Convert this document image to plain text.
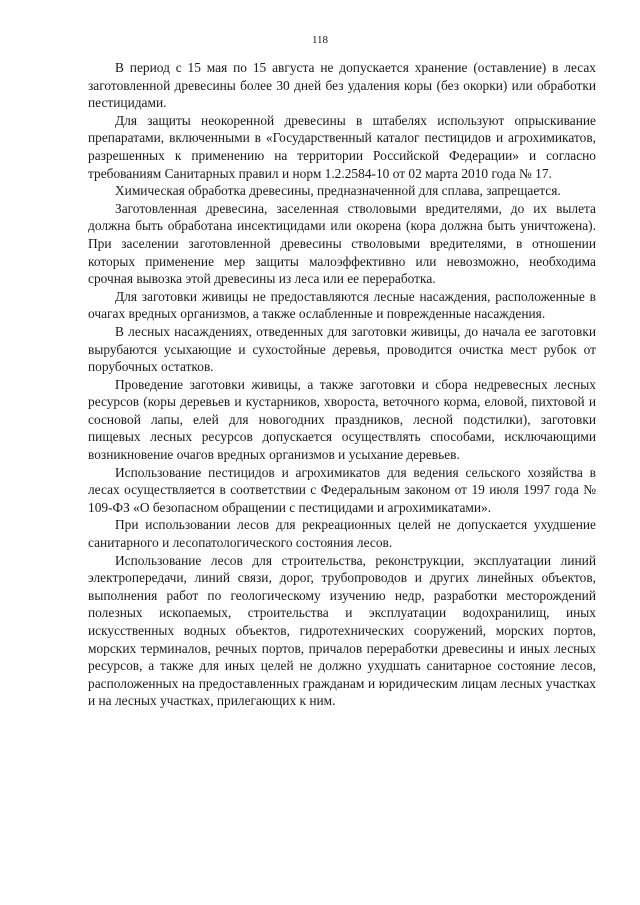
118

В период с 15 мая по 15 августа не допускается хранение (оставление) в лесах заготовленной древесины более 30 дней без удаления коры (без окорки) или обработки пестицидами.

Для защиты неокоренной древесины в штабелях используют опрыскивание препаратами, включенными в «Государственный каталог пестицидов и агрохимикатов, разрешенных к применению на территории Российской Федерации» и согласно требованиям Санитарных правил и норм 1.2.2584-10 от 02 марта 2010 года № 17.

Химическая обработка древесины, предназначенной для сплава, запрещается.

Заготовленная древесина, заселенная стволовыми вредителями, до их вылета должна быть обработана инсектицидами или окорена (кора должна быть уничтожена). При заселении заготовленной древесины стволовыми вредителями, в отношении которых применение мер защиты малоэффективно или невозможно, необходима срочная вывозка этой древесины из леса или ее переработка.

Для заготовки живицы не предоставляются лесные насаждения, расположенные в очагах вредных организмов, а также ослабленные и поврежденные насаждения.

В лесных насаждениях, отведенных для заготовки живицы, до начала ее заготовки вырубаются усыхающие и сухостойные деревья, проводится очистка мест рубок от порубочных остатков.

Проведение заготовки живицы, а также заготовки и сбора недревесных лесных ресурсов (коры деревьев и кустарников, хвороста, веточного корма, еловой, пихтовой и сосновой лапы, елей для новогодних праздников, лесной подстилки), заготовки пищевых лесных ресурсов допускается осуществлять способами, исключающими возникновение очагов вредных организмов и усыхание деревьев.

Использование пестицидов и агрохимикатов для ведения сельского хозяйства в лесах осуществляется в соответствии с Федеральным законом от 19 июля 1997 года № 109-ФЗ «О безопасном обращении с пестицидами и агрохимикатами».

При использовании лесов для рекреационных целей не допускается ухудшение санитарного и лесопатологического состояния лесов.

Использование лесов для строительства, реконструкции, эксплуатации линий электропередачи, линий связи, дорог, трубопроводов и других линейных объектов, выполнения работ по геологическому изучению недр, разработки месторождений полезных ископаемых, строительства и эксплуатации водохранилищ, иных искусственных водных объектов, гидротехнических сооружений, морских портов, морских терминалов, речных портов, причалов переработки древесины и иных лесных ресурсов, а также для иных целей не должно ухудшать санитарное состояние лесов, расположенных на предоставленных гражданам и юридическим лицам лесных участках и на лесных участках, прилегающих к ним.
